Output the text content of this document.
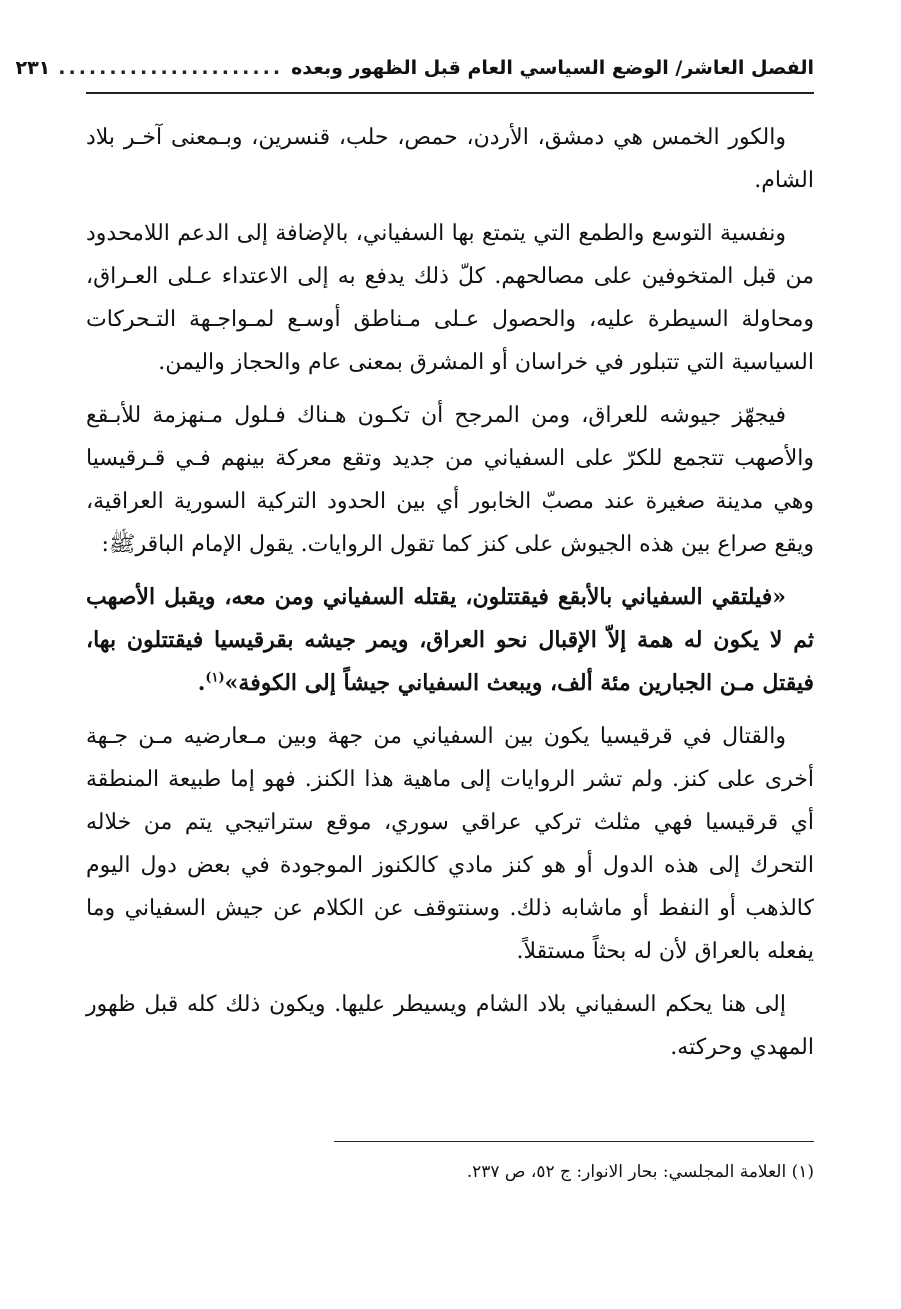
الفصل العاشر/ الوضع السياسي العام قبل الظهور وبعده
......................
٢٣١

والكور الخمس هي دمشق، الأردن، حمص، حلب، قنسرين، وبـمعنى آخـر بلاد الشام.

ونفسية التوسع والطمع التي يتمتع بها السفياني، بالإضافة إلى الدعم اللامحدود من قبل المتخوفين على مصالحهم. كلّ ذلك يدفع به إلى الاعتداء عـلى العـراق، ومحاولة السيطرة عليه، والحصول عـلى مـناطق أوسـع لمـواجـهة التـحركات السياسية التي تتبلور في خراسان أو المشرق بمعنى عام والحجاز واليمن.

فيجهّز جيوشه للعراق، ومن المرجح أن تكـون هـناك فـلول مـنهزمة للأبـقع والأصهب تتجمع للكرّ على السفياني من جديد وتقع معركة بينهم فـي قـرقيسيا وهي مدينة صغيرة عند مصبّ الخابور أي بين الحدود التركية السورية العراقية، ويقع صراع بين هذه الجيوش على كنز كما تقول الروايات. يقول الإمام الباقرﷺ:

«فيلتقي السفياني بالأبقع فيقتتلون، يقتله السفياني ومن معه، ويقبل الأصهب ثم لا يكون له همة إلاّ الإقبال نحو العراق، ويمر جيشه بقرقيسيا فيقتتلون بها، فيقتل مـن الجبارين مئة ألف، ويبعث السفياني جيشاً إلى الكوفة»$^{(١)}$.

والقتال في قرقيسيا يكون بين السفياني من جهة وبين مـعارضيه مـن جـهة أخرى على كنز. ولم تشر الروايات إلى ماهية هذا الكنز. فهو إما طبيعة المنطقة أي قرقيسيا فهي مثلث تركي عراقي سوري، موقع ستراتيجي يتم من خلاله التحرك إلى هذه الدول أو هو كنز مادي كالكنوز الموجودة في بعض دول اليوم كالذهب أو النفط أو ماشابه ذلك. وسنتوقف عن الكلام عن جيش السفياني وما يفعله بالعراق لأن له بحثاً مستقلاً.

إلى هنا يحكم السفياني بلاد الشام ويسيطر عليها. ويكون ذلك كله قبل ظهور المهدي وحركته.

(١) العلامة المجلسي: بحار الانوار: ج ٥٢، ص ٢٣٧.
